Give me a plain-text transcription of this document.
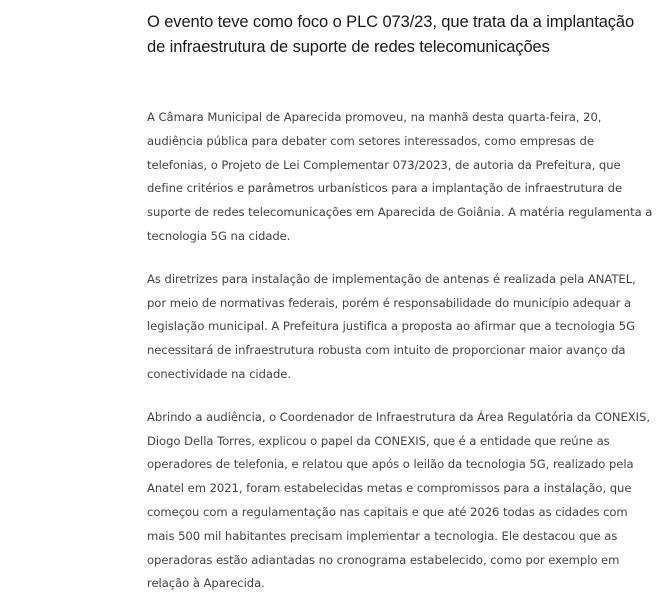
O evento teve como foco o PLC 073/23, que trata da a implantação de infraestrutura de suporte de redes telecomunicações

A Câmara Municipal de Aparecida promoveu, na manhã desta quarta-feira, 20, audiência pública para debater com setores interessados, como empresas de telefonias, o Projeto de Lei Complementar 073/2023, de autoria da Prefeitura, que define critérios e parâmetros urbanísticos para a implantação de infraestrutura de suporte de redes telecomunicações em Aparecida de Goiânia. A matéria regulamenta a tecnologia 5G na cidade.

As diretrizes para instalação de implementação de antenas é realizada pela ANATEL, por meio de normativas federais, porém é responsabilidade do município adequar a legislação municipal. A Prefeitura justifica a proposta ao afirmar que a tecnologia 5G necessitará de infraestrutura robusta com intuito de proporcionar maior avanço da conectividade na cidade.

Abrindo a audiência, o Coordenador de Infraestrutura da Área Regulatória da CONEXIS, Diogo Della Torres, explicou o papel da CONEXIS, que é a entidade que reúne as operadores de telefonia, e relatou que após o leilão da tecnologia 5G, realizado pela Anatel em 2021, foram estabelecidas metas e compromissos para a instalação, que começou com a regulamentação nas capitais e que até 2026 todas as cidades com mais 500 mil habitantes precisam implementar a tecnologia. Ele destacou que as operadoras estão adiantadas no cronograma estabelecido, como por exemplo em relação à Aparecida.
